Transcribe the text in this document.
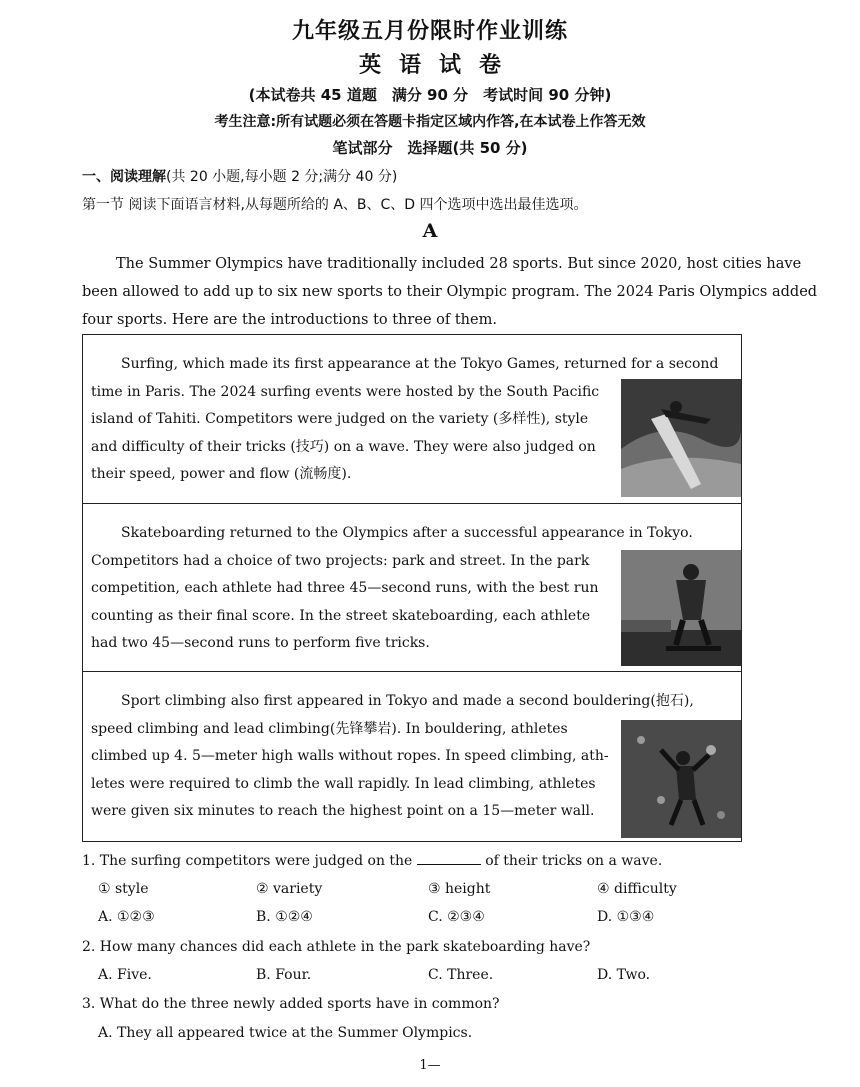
九年级五月份限时作业训练
英语试卷
(本试卷共 45 道题　满分 90 分　考试时间 90 分钟)
考生注意:所有试题必须在答题卡指定区域内作答,在本试卷上作答无效
笔试部分　选择题(共 50 分)
一、阅读理解(共 20 小题,每小题 2 分;满分 40 分)
第一节 阅读下面语言材料,从每题所给的 A、B、C、D 四个选项中选出最佳选项。
A
The Summer Olympics have traditionally included 28 sports. But since 2020, host cities have
been allowed to add up to six new sports to their Olympic program. The 2024 Paris Olympics added
four sports. Here are the introductions to three of them.
Surfing, which made its first appearance at the Tokyo Games, returned for a second
time in Paris. The 2024 surfing events were hosted by the South Pacific
island of Tahiti. Competitors were judged on the variety (多样性), style
and difficulty of their tricks (技巧) on a wave. They were also judged on
their speed, power and flow (流畅度).
Skateboarding returned to the Olympics after a successful appearance in Tokyo.
Competitors had a choice of two projects: park and street. In the park
competition, each athlete had three 45—second runs, with the best run
counting as their final score. In the street skateboarding, each athlete
had two 45—second runs to perform five tricks.
Sport climbing also first appeared in Tokyo and made a second bouldering(抱石),
speed climbing and lead climbing(先锋攀岩). In bouldering, athletes
climbed up 4. 5—meter high walls without ropes. In speed climbing, ath-
letes were required to climb the wall rapidly. In lead climbing, athletes
were given six minutes to reach the highest point on a 15—meter wall.
1. The surfing competitors were judged on the	of their tricks on a wave.
① style	② variety	③ height	④ difficulty
A. ①②③	B. ①②④	C. ②③④	D. ①③④
2. How many chances did each athlete in the park skateboarding have?
A. Five.	B. Four.	C. Three.	D. Two.
3. What do the three newly added sports have in common?
A. They all appeared twice at the Summer Olympics.
1—
